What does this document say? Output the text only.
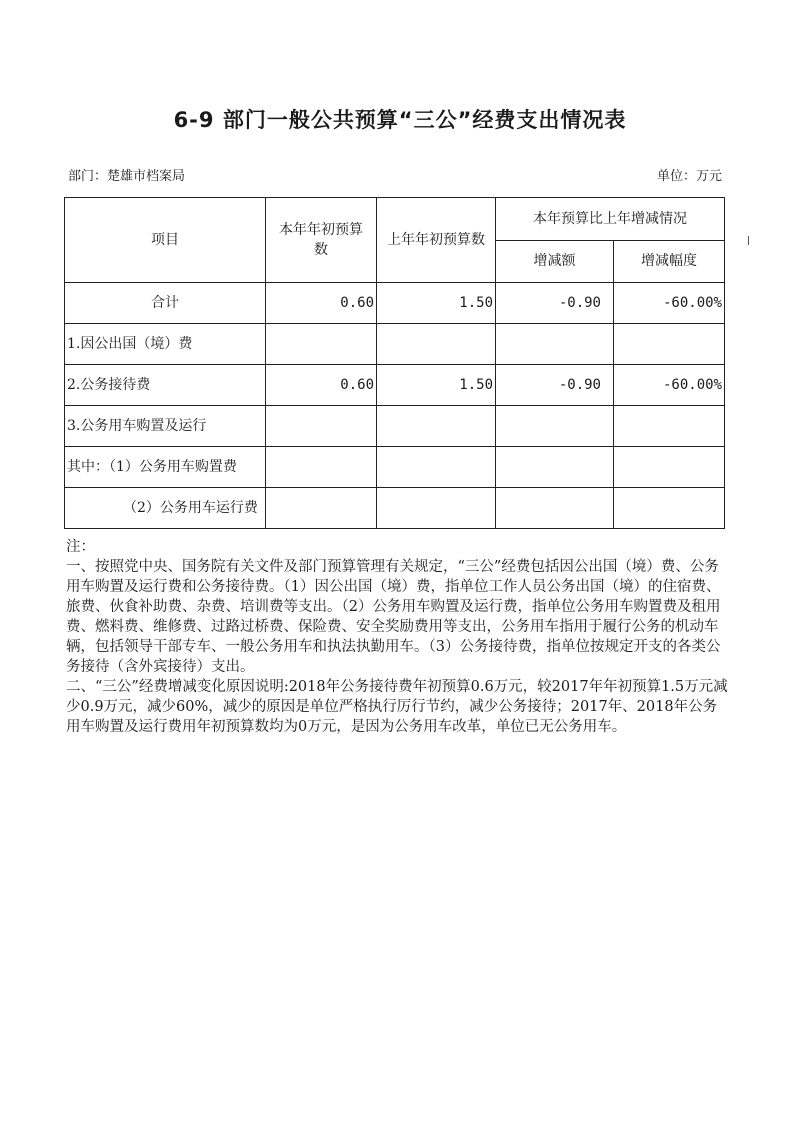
6-9 部门一般公共预算“三公”经费支出情况表
部门：楚雄市档案局	单位：万元
项目	本年年初预算数	上年年初预算数	本年预算比上年增减情况	
			增减额	增减幅度
合计	0.60	1.50	-0.90	-60.00%
1.因公出国（境）费				
2.公务接待费	0.60	1.50	-0.90	-60.00%
3.公务用车购置及运行				
其中：（1）公务用车购置费				
（2）公务用车运行费				

注：

一、按照党中央、国务院有关文件及部门预算管理有关规定，“三公”经费包括因公出国（境）费、公务用车购置及运行费和公务接待费。（1）因公出国（境）费，指单位工作人员公务出国（境）的住宿费、旅费、伙食补助费、杂费、培训费等支出。（2）公务用车购置及运行费，指单位公务用车购置费及租用费、燃料费、维修费、过路过桥费、保险费、安全奖励费用等支出，公务用车指用于履行公务的机动车辆，包括领导干部专车、一般公务用车和执法执勤用车。（3）公务接待费，指单位按规定开支的各类公务接待（含外宾接待）支出。

二、“三公”经费增减变化原因说明:2018年公务接待费年初预算0.6万元，较2017年年初预算1.5万元减少0.9万元，减少60%，减少的原因是单位严格执行厉行节约，减少公务接待；2017年、2018年公务用车购置及运行费用年初预算数均为0万元，是因为公务用车改革，单位已无公务用车。
